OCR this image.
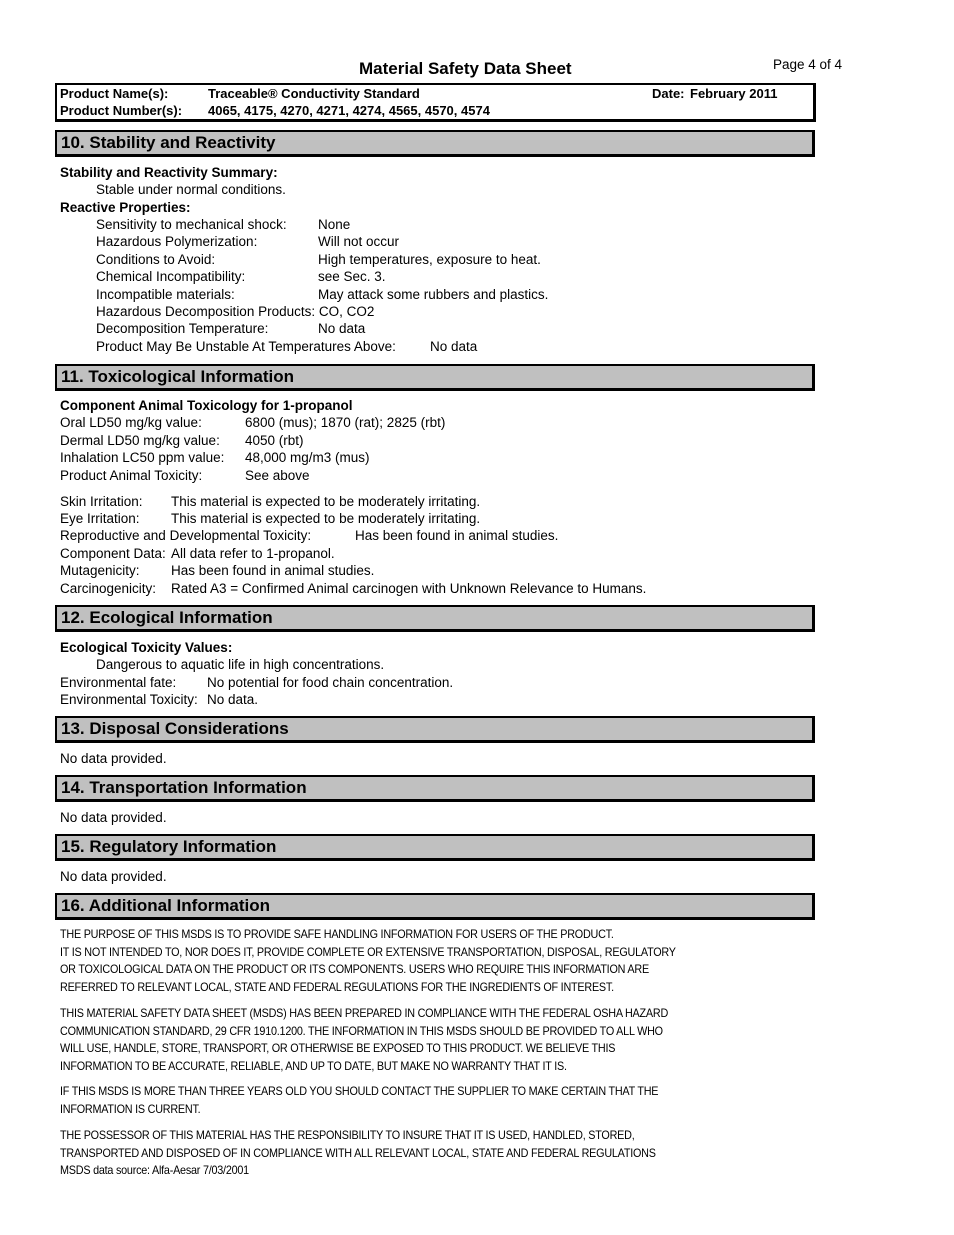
Material Safety Data Sheet	Page 4 of 4
Product Name(s):	Traceable® Conductivity Standard
Product Number(s): 4065, 4175, 4270, 4271, 4274, 4565, 4570, 4574
Date: February 2011
10. Stability and Reactivity
Stability and Reactivity Summary:
Stable under normal conditions.
Reactive Properties:
Sensitivity to mechanical shock: None
Hazardous Polymerization:	Will not occur
Conditions to Avoid:	High temperatures, exposure to heat.
Chemical Incompatibility:	see Sec. 3.
Incompatible materials:	May attack some rubbers and plastics.
Hazardous Decomposition Products: CO, CO2
Decomposition Temperature:	No data
Product May Be Unstable At Temperatures Above:	No data
11. Toxicological Information
Component Animal Toxicology for 1-propanol
Oral LD50 mg/kg value:	6800 (mus); 1870 (rat); 2825 (rbt)
Dermal LD50 mg/kg value: 4050 (rbt)
Inhalation LC50 ppm value: 48,000 mg/m3 (mus)
Product Animal Toxicity:	See above
Skin Irritation: This material is expected to be moderately irritating.
Eye Irritation: This material is expected to be moderately irritating.
Reproductive and Developmental Toxicity:	Has been found in animal studies.
Component Data: All data refer to 1-propanol.
Mutagenicity: Has been found in animal studies.
Carcinogenicity: Rated A3 = Confirmed Animal carcinogen with Unknown Relevance to Humans.
12. Ecological Information
Ecological Toxicity Values:
Dangerous to aquatic life in high concentrations.
Environmental fate: No potential for food chain concentration.
Environmental Toxicity: No data.
13. Disposal Considerations
No data provided.
14. Transportation Information
No data provided.
15. Regulatory Information
No data provided.
16. Additional Information
THE PURPOSE OF THIS MSDS IS TO PROVIDE SAFE HANDLING INFORMATION FOR USERS OF THE PRODUCT.
IT IS NOT INTENDED TO, NOR DOES IT, PROVIDE COMPLETE OR EXTENSIVE TRANSPORTATION, DISPOSAL, REGULATORY
OR TOXICOLOGICAL DATA ON THE PRODUCT OR ITS COMPONENTS. USERS WHO REQUIRE THIS INFORMATION ARE
REFERRED TO RELEVANT LOCAL, STATE AND FEDERAL REGULATIONS FOR THE INGREDIENTS OF INTEREST.
THIS MATERIAL SAFETY DATA SHEET (MSDS) HAS BEEN PREPARED IN COMPLIANCE WITH THE FEDERAL OSHA HAZARD
COMMUNICATION STANDARD, 29 CFR 1910.1200. THE INFORMATION IN THIS MSDS SHOULD BE PROVIDED TO ALL WHO
WILL USE, HANDLE, STORE, TRANSPORT, OR OTHERWISE BE EXPOSED TO THIS PRODUCT. WE BELIEVE THIS
INFORMATION TO BE ACCURATE, RELIABLE, AND UP TO DATE, BUT MAKE NO WARRANTY THAT IT IS.
IF THIS MSDS IS MORE THAN THREE YEARS OLD YOU SHOULD CONTACT THE SUPPLIER TO MAKE CERTAIN THAT THE
INFORMATION IS CURRENT.
THE POSSESSOR OF THIS MATERIAL HAS THE RESPONSIBILITY TO INSURE THAT IT IS USED, HANDLED, STORED,
TRANSPORTED AND DISPOSED OF IN COMPLIANCE WITH ALL RELEVANT LOCAL, STATE AND FEDERAL REGULATIONS
MSDS data source: Alfa-Aesar 7/03/2001
